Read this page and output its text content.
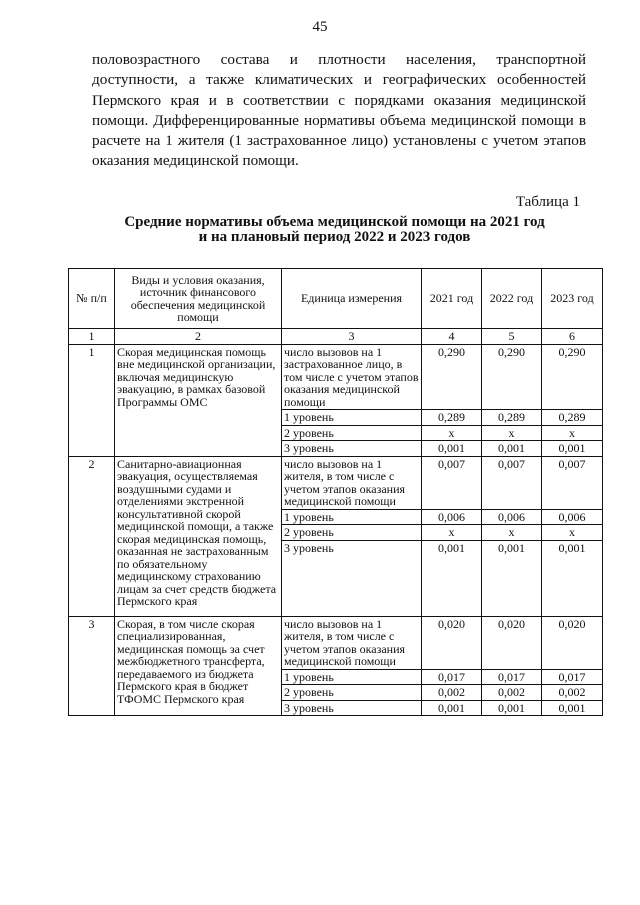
45
половозрастного состава и плотности населения, транспортной доступности, а также климатических и географических особенностей Пермского края и в соответствии с порядками оказания медицинской помощи. Дифференцированные нормативы объема медицинской помощи в расчете на 1 жителя (1 застрахованное лицо) установлены с учетом этапов оказания медицинской помощи.
Таблица 1
Средние нормативы объема медицинской помощи на 2021 год
и на плановый период 2022 и 2023 годов
№ п/п	Виды и условия оказания, источник финансового обеспечения медицинской помощи	Единица измерения	2021 год	2022 год	2023 год
1	2	3	4	5	6
1	Скорая медицинская помощь вне медицинской организации, включая медицинскую эвакуацию, в рамках базовой Программы ОМС	число вызовов на 1 застрахованное лицо, в том числе с учетом этапов оказания медицинской помощи	0,290	0,290	0,290
		1 уровень	0,289	0,289	0,289
		2 уровень	х	х	х
		3 уровень	0,001	0,001	0,001
2	Санитарно-авиационная эвакуация, осуществляемая воздушными судами и отделениями экстренной консультативной скорой медицинской помощи, а также скорая медицинская помощь, оказанная не застрахованным по обязательному медицинскому страхованию лицам за счет средств бюджета Пермского края	число вызовов на 1 жителя, в том числе с учетом этапов оказания медицинской помощи	0,007	0,007	0,007
		1 уровень	0,006	0,006	0,006
		2 уровень	х	х	х
		3 уровень	0,001	0,001	0,001
3	Скорая, в том числе скорая специализированная, медицинская помощь за счет межбюджетного трансферта, передаваемого из бюджета Пермского края в бюджет ТФОМС Пермского края	число вызовов на 1 жителя, в том числе с учетом этапов оказания медицинской помощи	0,020	0,020	0,020
		1 уровень	0,017	0,017	0,017
		2 уровень	0,002	0,002	0,002
		3 уровень	0,001	0,001	0,001
